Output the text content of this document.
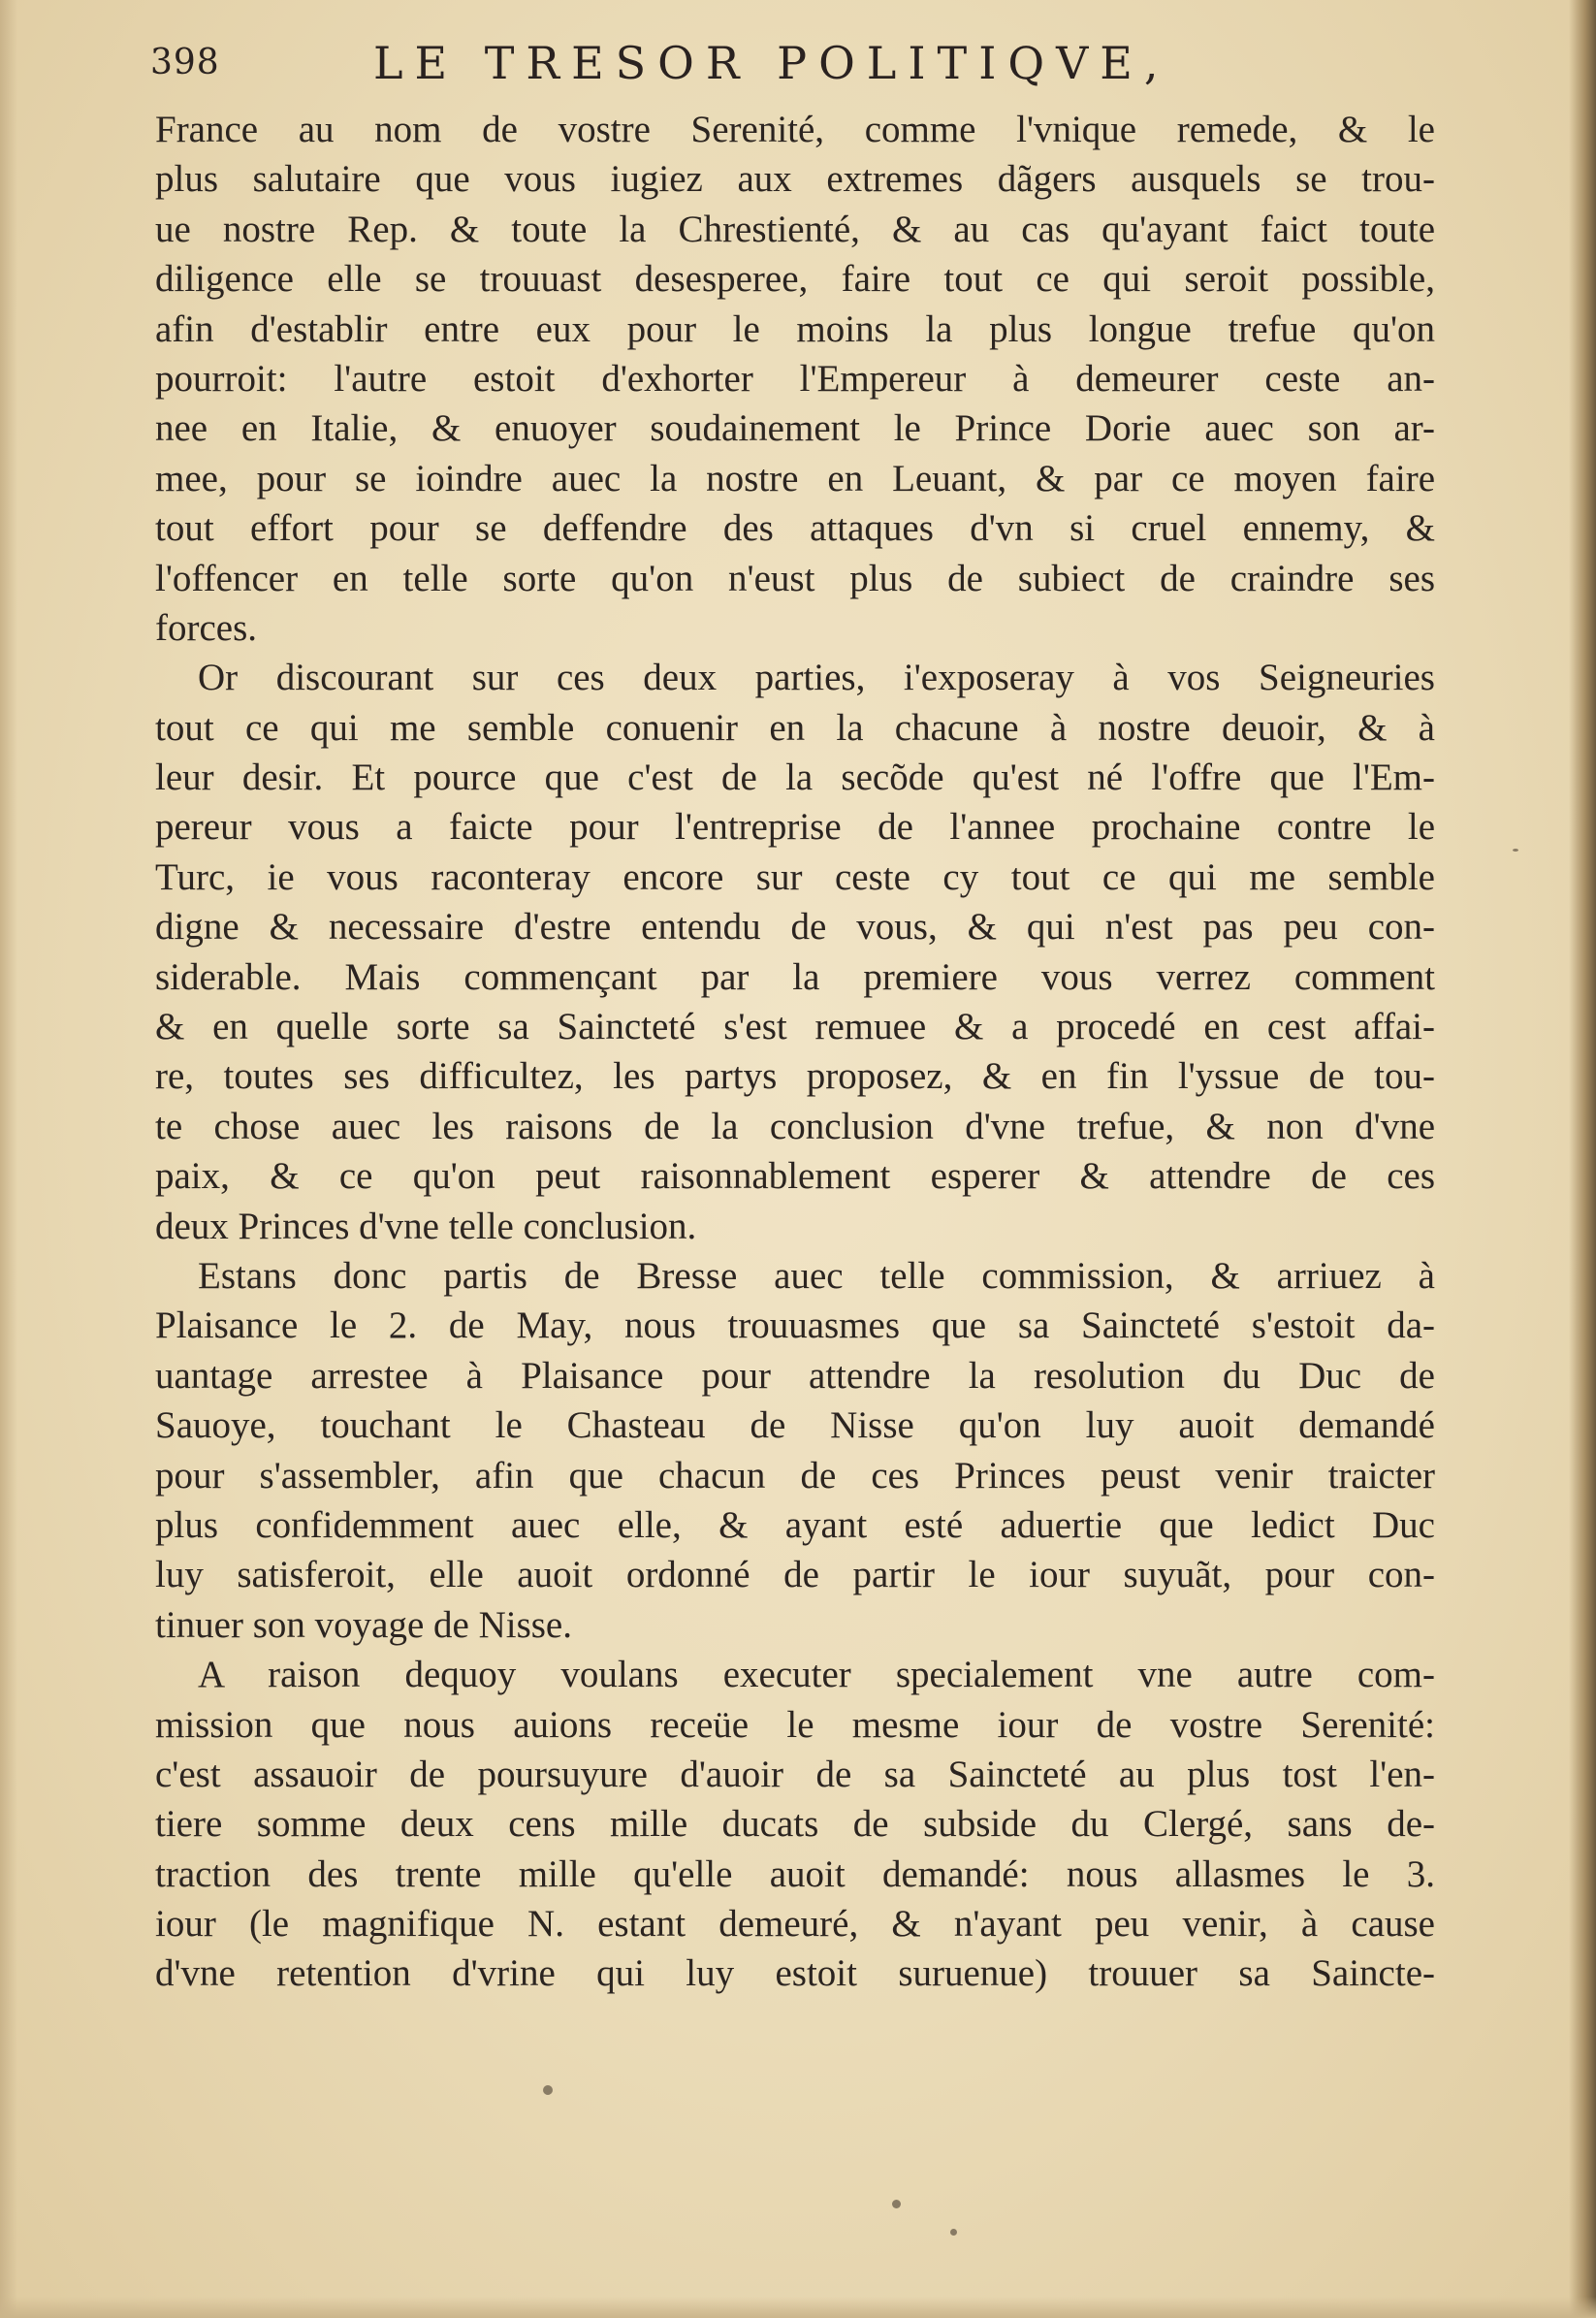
398	LE TRESOR POLITIQVE,
France au nom de vostre Serenité, comme l'vnique remede, & le
plus salutaire que vous iugiez aux extremes dãgers ausquels se trou-
ue nostre Rep. & toute la Chrestienté, & au cas qu'ayant faict toute
diligence elle se trouuast desesperee, faire tout ce qui seroit possible,
afin d'establir entre eux pour le moins la plus longue trefue qu'on
pourroit: l'autre estoit d'exhorter l'Empereur à demeurer ceste an-
nee en Italie, & enuoyer soudainement le Prince Dorie auec son ar-
mee, pour se ioindre auec la nostre en Leuant, & par ce moyen faire
tout effort pour se deffendre des attaques d'vn si cruel ennemy, &
l'offencer en telle sorte qu'on n'eust plus de subiect de craindre ses
forces.
Or discourant sur ces deux parties, i'exposeray à vos Seigneuries
tout ce qui me semble conuenir en la chacune à nostre deuoir, & à
leur desir. Et pource que c'est de la secõde qu'est né l'offre que l'Em-
pereur vous a faicte pour l'entreprise de l'annee prochaine contre le
Turc, ie vous raconteray encore sur ceste cy tout ce qui me semble
digne & necessaire d'estre entendu de vous, & qui n'est pas peu con-
siderable. Mais commençant par la premiere vous verrez comment
& en quelle sorte sa Saincteté s'est remuee & a procedé en cest affai-
re, toutes ses difficultez, les partys proposez, & en fin l'yssue de tou-
te chose auec les raisons de la conclusion d'vne trefue, & non d'vne
paix, & ce qu'on peut raisonnablement esperer & attendre de ces
deux Princes d'vne telle conclusion.
Estans donc partis de Bresse auec telle commission, & arriuez à
Plaisance le 2. de May, nous trouuasmes que sa Saincteté s'estoit da-
uantage arrestee à Plaisance pour attendre la resolution du Duc de
Sauoye, touchant le Chasteau de Nisse qu'on luy auoit demandé
pour s'assembler, afin que chacun de ces Princes peust venir traicter
plus confidemment auec elle, & ayant esté aduertie que ledict Duc
luy satisferoit, elle auoit ordonné de partir le iour suyuãt, pour con-
tinuer son voyage de Nisse.
A raison dequoy voulans executer specialement vne autre com-
mission que nous auions receüe le mesme iour de vostre Serenité:
c'est assauoir de poursuyure d'auoir de sa Saincteté au plus tost l'en-
tiere somme deux cens mille ducats de subside du Clergé, sans de-
traction des trente mille qu'elle auoit demandé: nous allasmes le 3.
iour (le magnifique N. estant demeuré, & n'ayant peu venir, à cause
d'vne retention d'vrine qui luy estoit suruenue) trouuer sa Saincte-
